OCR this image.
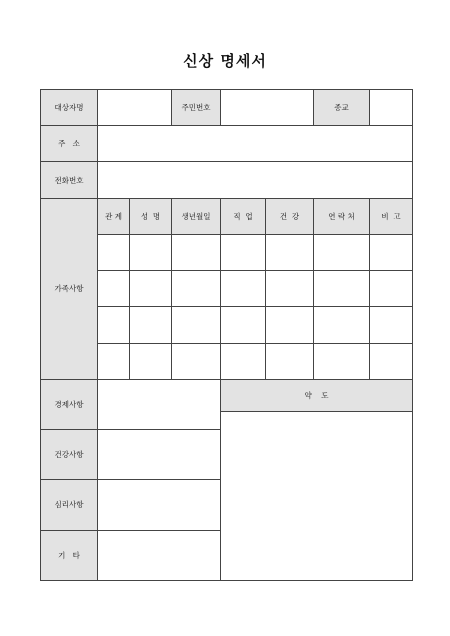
신상 명세서
대상자명			주민번호			종교	
주   소							
전화번호							
가족사항	관 계	성  명	생년월일	직  업	건  강	연 락 처	비  고

경제사항				약    도			

건강사항							

심리사항							

기   타							
